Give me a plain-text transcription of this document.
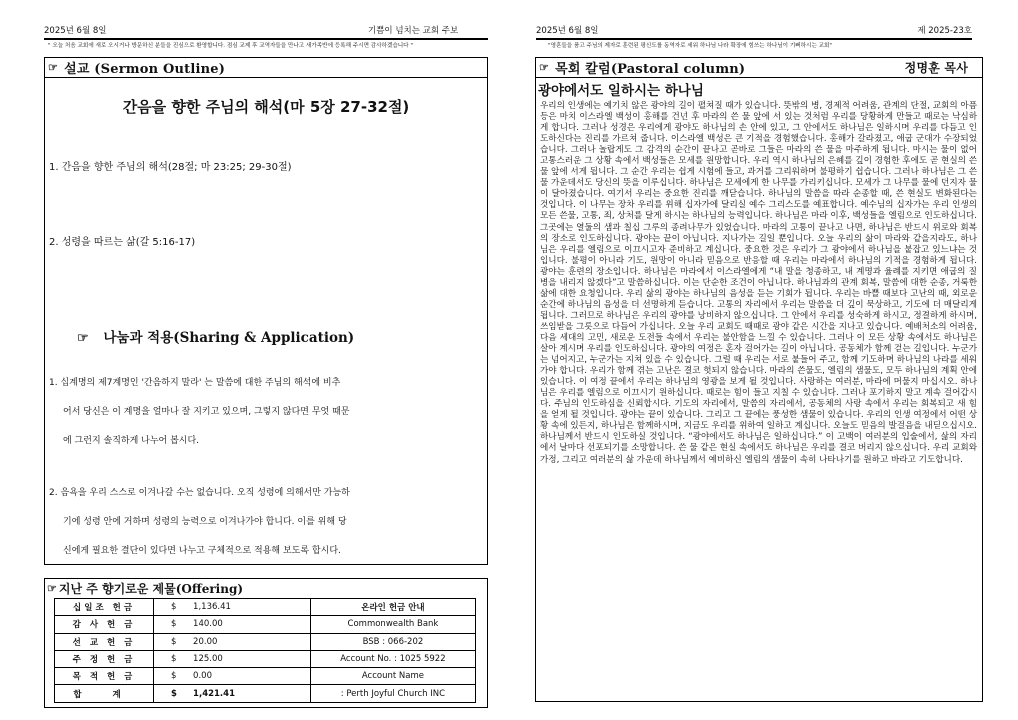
2025년 6월 8일	기쁨이 넘치는 교회 주보
" 오늘 처음 교회에 새로 오시거나 방문하신 분들을 진심으로 환영합니다. 점심 교제 후 교역자들을 만나고 새가족반에 등록해 주시면 감사하겠습니다 "
2025년 6월 8일	제 2025-23호
"영혼들을 품고 주님의 제자로 훈련된 평신도를 동역자로 세워 하나님 나라 확장에 힘쓰는 하나님이 기뻐하시는 교회"
☞ 설교 (Sermon Outline)
간음을 향한 주님의 해석(마 5장 27-32절)
1. 간음을 향한 주님의 해석(28절; 마 23:25; 29-30절)
2. 성령을 따르는 삶(갈 5:16-17)
☞ 나눔과 적용(Sharing & Application)
1. 십계명의 제7계명인 '간음하지 말라' 는 말씀에 대한 주님의 해석에 비추
어서 당신은 이 계명을 얼마나 잘 지키고 있으며, 그렇지 않다면 무엇 때문
에 그런지 솔직하게 나누어 봅시다.
2. 음욕을 우리 스스로 이겨나갈 수는 없습니다. 오직 성령에 의해서만 가능하
기에 성령 안에 거하며 성령의 능력으로 이겨나가야 합니다. 이를 위해 당
신에게 필요한 결단이 있다면 나누고 구체적으로 적용해 보도록 합시다.
☞ 지난 주 향기로운 제물(Offering)
십일조 헌금	$ 1,136.41	온라인 헌금 안내
감 사 헌 금	$ 140.00	Commonwealth Bank
선 교 헌 금	$ 20.00	BSB : 066-202
주 정 헌 금	$ 125.00	Account No. : 1025 5922
목 적 헌 금	$ 0.00	Account Name
합 계	$ 1,421.41	: Perth Joyful Church INC
☞ 목회 칼럼(Pastoral column)	정명훈 목사
광야에서도 일하시는 하나님
우리의 인생에는 예기치 않은 광야의 길이 펼쳐질 때가 있습니다. 뜻밖의 병, 경제적 어려움, 관계의 단절, 교회의 아픔 등은 마치 이스라엘 백성이 홍해를 건넌 후 마라의 쓴 물 앞에 서 있는 것처럼 우리를 당황하게 만들고 때로는 낙심하게 합니다. 그러나 성경은 우리에게 광야도 하나님의 손 안에 있고, 그 안에서도 하나님은 일하시며 우리를 다듬고 인도하신다는 진리를 가르쳐 줍니다. 이스라엘 백성은 큰 기적을 경험했습니다. 홍해가 갈라졌고, 애굽 군대가 수장되었습니다. 그러나 놀랍게도 그 감격의 순간이 끝나고 곧바로 그들은 마라의 쓴 물을 마주하게 됩니다. 마시는 물이 없어 고통스러운 그 상황 속에서 백성들은 모세를 원망합니다. 우리 역시 하나님의 은혜를 깊이 경험한 후에도 곧 현실의 쓴물 앞에 서게 됩니다. 그 순간 우리는 쉽게 시험에 들고, 과거를 그리워하며 불평하기 쉽습니다. 그러나 하나님은 그 쓴 물 가운데서도 당신의 뜻을 이루십니다. 하나님은 모세에게 한 나무를 가리키십니다. 모세가 그 나무를 물에 던지자 물이 달아졌습니다. 여기서 우리는 중요한 진리를 깨닫습니다. 하나님의 말씀을 따라 순종할 때, 쓴 현실도 변화된다는 것입니다. 이 나무는 장차 우리를 위해 십자가에 달리실 예수 그리스도를 예표합니다. 예수님의 십자가는 우리 인생의 모든 쓴물, 고통, 죄, 상처를 달게 하시는 하나님의 능력입니다. 하나님은 마라 이후, 백성들을 엘림으로 인도하십니다. 그곳에는 열둘의 샘과 칠십 그루의 종려나무가 있었습니다. 마라의 고통이 끝나고 나면, 하나님은 반드시 위로와 회복의 장소로 인도하십니다. 광야는 끝이 아닙니다. 지나가는 길일 뿐입니다. 오늘 우리의 삶이 마라와 같을지라도, 하나님은 우리를 엘림으로 이끄시고자 준비하고 계십니다. 중요한 것은 우리가 그 광야에서 하나님을 붙잡고 있느냐는 것입니다. 불평이 아니라 기도, 원망이 아니라 믿음으로 반응할 때 우리는 마라에서 하나님의 기적을 경험하게 됩니다. 광야는 훈련의 장소입니다. 하나님은 마라에서 이스라엘에게 “내 말을 청종하고, 내 계명과 율례를 지키면 애굽의 질병을 내리지 않겠다”고 말씀하십니다. 이는 단순한 조건이 아닙니다. 하나님과의 관계 회복, 말씀에 대한 순종, 거룩한 삶에 대한 요청입니다. 우리 삶의 광야는 하나님의 음성을 듣는 기회가 됩니다. 우리는 바쁠 때보다 고난의 때, 외로운 순간에 하나님의 음성을 더 선명하게 듣습니다. 고통의 자리에서 우리는 말씀을 더 깊이 묵상하고, 기도에 더 매달리게 됩니다. 그러므로 하나님은 우리의 광야를 낭비하지 않으십니다. 그 안에서 우리를 성숙하게 하시고, 정결하게 하시며, 쓰임받을 그릇으로 다듬어 가십니다. 오늘 우리 교회도 때때로 광야 같은 시간을 지나고 있습니다. 예배처소의 어려움, 다음 세대의 고민, 새로운 도전들 속에서 우리는 불안함을 느낄 수 있습니다. 그러나 이 모든 상황 속에서도 하나님은 살아 계시며 우리를 인도하십니다. 광야의 여정은 혼자 걸어가는 길이 아닙니다. 공동체가 함께 걷는 길입니다. 누군가는 넘어지고, 누군가는 지쳐 있을 수 있습니다. 그럴 때 우리는 서로 붙들어 주고, 함께 기도하며 하나님의 나라를 세워가야 합니다. 우리가 함께 겪는 고난은 결코 헛되지 않습니다. 마라의 쓴물도, 엘림의 샘물도, 모두 하나님의 계획 안에 있습니다. 이 여정 끝에서 우리는 하나님의 영광을 보게 될 것입니다. 사랑하는 여러분, 마라에 머물지 마십시오. 하나님은 우리를 엘림으로 이끄시기 원하십니다. 때로는 힘이 들고 지칠 수 있습니다. 그러나 포기하지 말고 계속 걸어갑시다. 주님의 인도하심을 신뢰합시다. 기도의 자리에서, 말씀의 자리에서, 공동체의 사랑 속에서 우리는 회복되고 새 힘을 얻게 될 것입니다. 광야는 끝이 있습니다. 그리고 그 끝에는 풍성한 샘물이 있습니다. 우리의 인생 여정에서 어떤 상황 속에 있든지, 하나님은 함께하시며, 지금도 우리를 위하여 일하고 계십니다. 오늘도 믿음의 발걸음을 내딛으십시오. 하나님께서 반드시 인도하실 것입니다. “광야에서도 하나님은 일하십니다.” 이 고백이 여러분의 입술에서, 삶의 자리에서 날마다 선포되기를 소망합니다. 쓴 물 같은 현실 속에서도 하나님은 우리를 결코 버리지 않으십니다. 우리 교회와 가정, 그리고 여러분의 삶 가운데 하나님께서 예비하신 엘림의 샘물이 속히 나타나기를 원하고 바라고 기도합니다.
